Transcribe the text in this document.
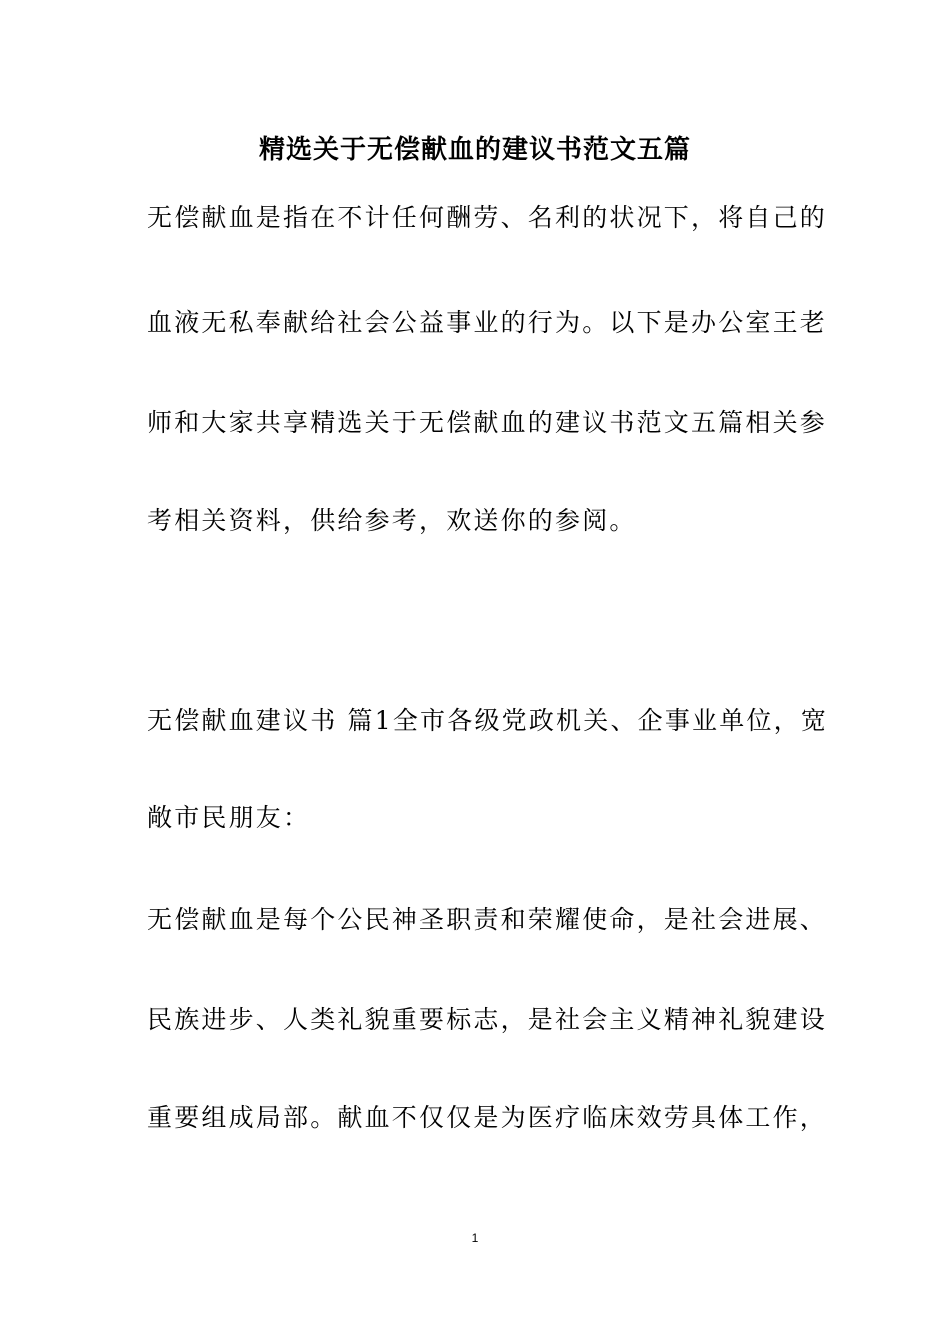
精选关于无偿献血的建议书范文五篇
无偿献血是指在不计任何酬劳、名利的状况下，将自己的
血液无私奉献给社会公益事业的行为。以下是办公室王老
师和大家共享精选关于无偿献血的建议书范文五篇相关参
考相关资料，供给参考，欢送你的参阅。
无偿献血建议书 篇1全市各级党政机关、企事业单位，宽
敞市民朋友：
无偿献血是每个公民神圣职责和荣耀使命，是社会进展、
民族进步、人类礼貌重要标志，是社会主义精神礼貌建设
重要组成局部。献血不仅仅是为医疗临床效劳具体工作，
1
